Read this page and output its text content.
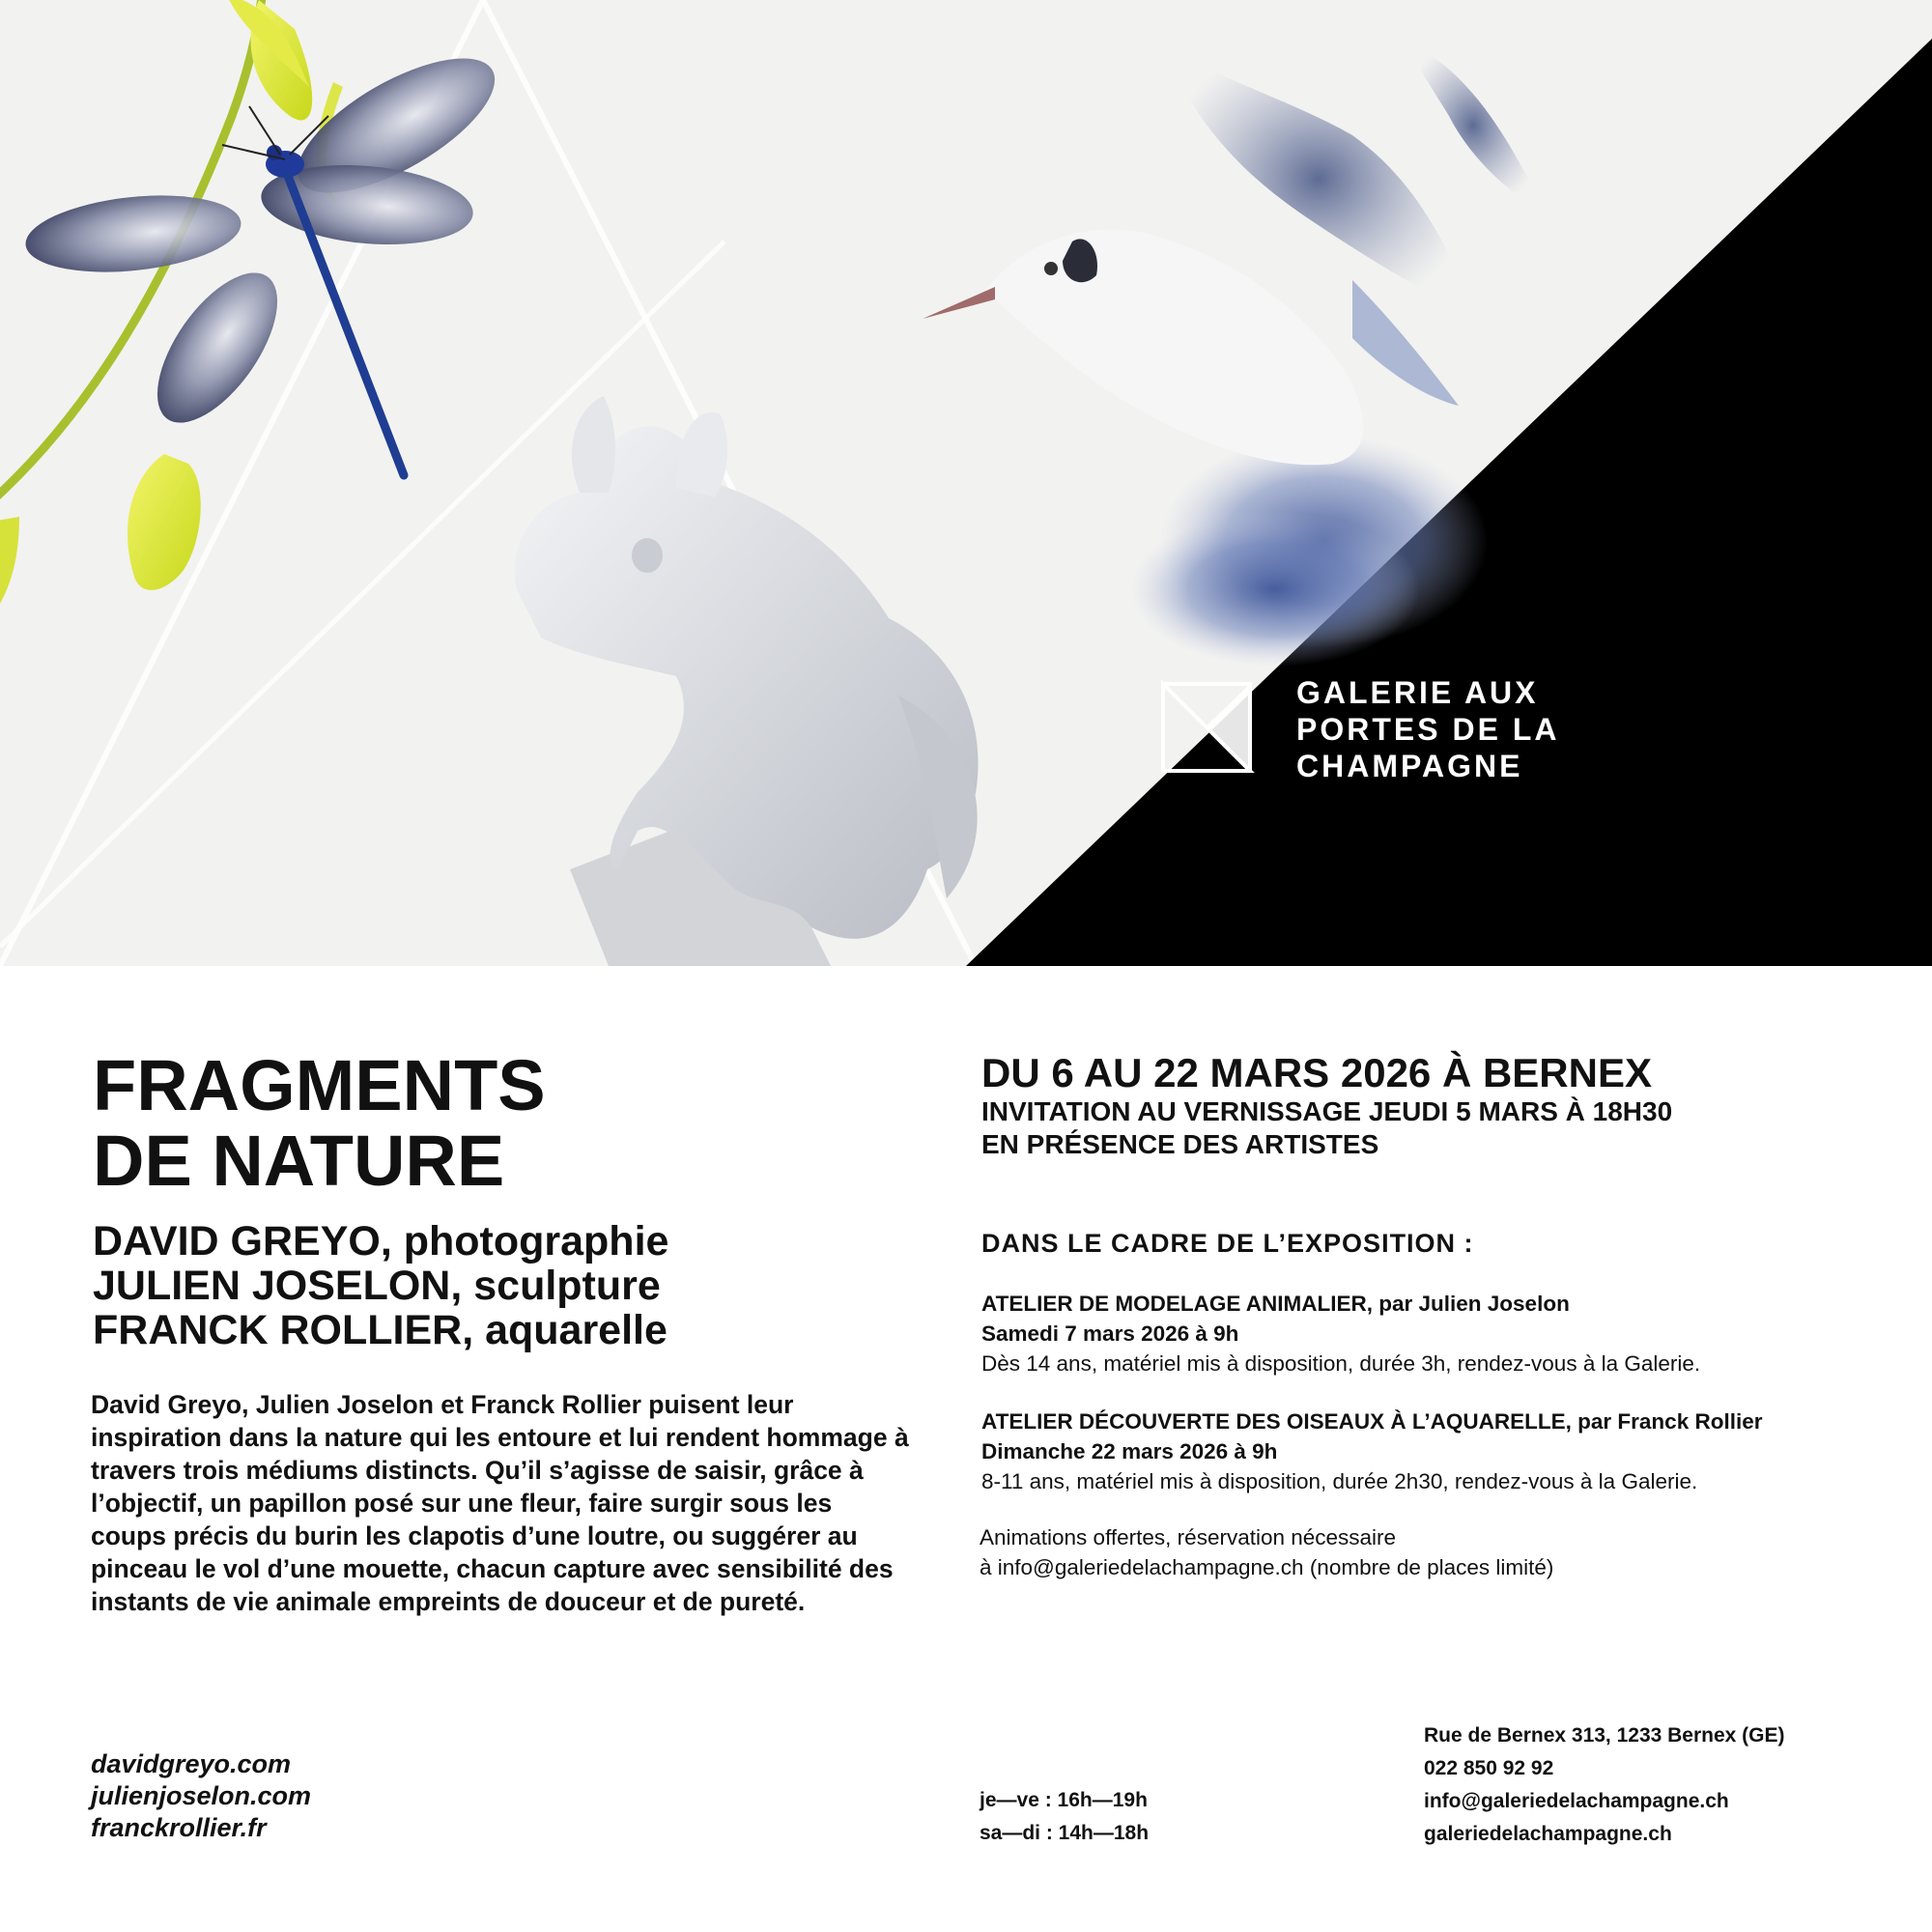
GALERIE AUX
PORTES DE LA
CHAMPAGNE
FRAGMENTS
DE NATURE
DAVID GREYO, photographie
JULIEN JOSELON, sculpture
FRANCK ROLLIER, aquarelle

David Greyo, Julien Joselon et Franck Rollier puisent leur inspiration dans la nature qui les entoure et lui rendent hommage à travers trois médiums distincts. Qu’il s’agisse de saisir, grâce à l’objectif, un papillon posé sur une fleur, faire surgir sous les coups précis du burin les clapotis d’une loutre, ou suggérer au pinceau le vol d’une mouette, chacun capture avec sensibilité des instants de vie animale empreints de douceur et de pureté.

DU 6 AU 22 MARS 2026 À BERNEX
INVITATION AU VERNISSAGE JEUDI 5 MARS À 18H30
EN PRÉSENCE DES ARTISTES
DANS LE CADRE DE L’EXPOSITION :
ATELIER DE MODELAGE ANIMALIER, par Julien Joselon
Samedi 7 mars 2026 à 9h
Dès 14 ans, matériel mis à disposition, durée 3h, rendez-vous à la Galerie.
ATELIER DÉCOUVERTE DES OISEAUX À L’AQUARELLE, par Franck Rollier
Dimanche 22 mars 2026 à 9h
8-11 ans, matériel mis à disposition, durée 2h30, rendez-vous à la Galerie.
Animations offertes, réservation nécessaire
à info@galeriedelachampagne.ch (nombre de places limité)
davidgreyo.com
julienjoselon.com
franckrollier.fr
je—ve : 16h—19h
sa—di : 14h—18h
Rue de Bernex 313, 1233 Bernex (GE)
022 850 92 92
info@galeriedelachampagne.ch
galeriedelachampagne.ch
